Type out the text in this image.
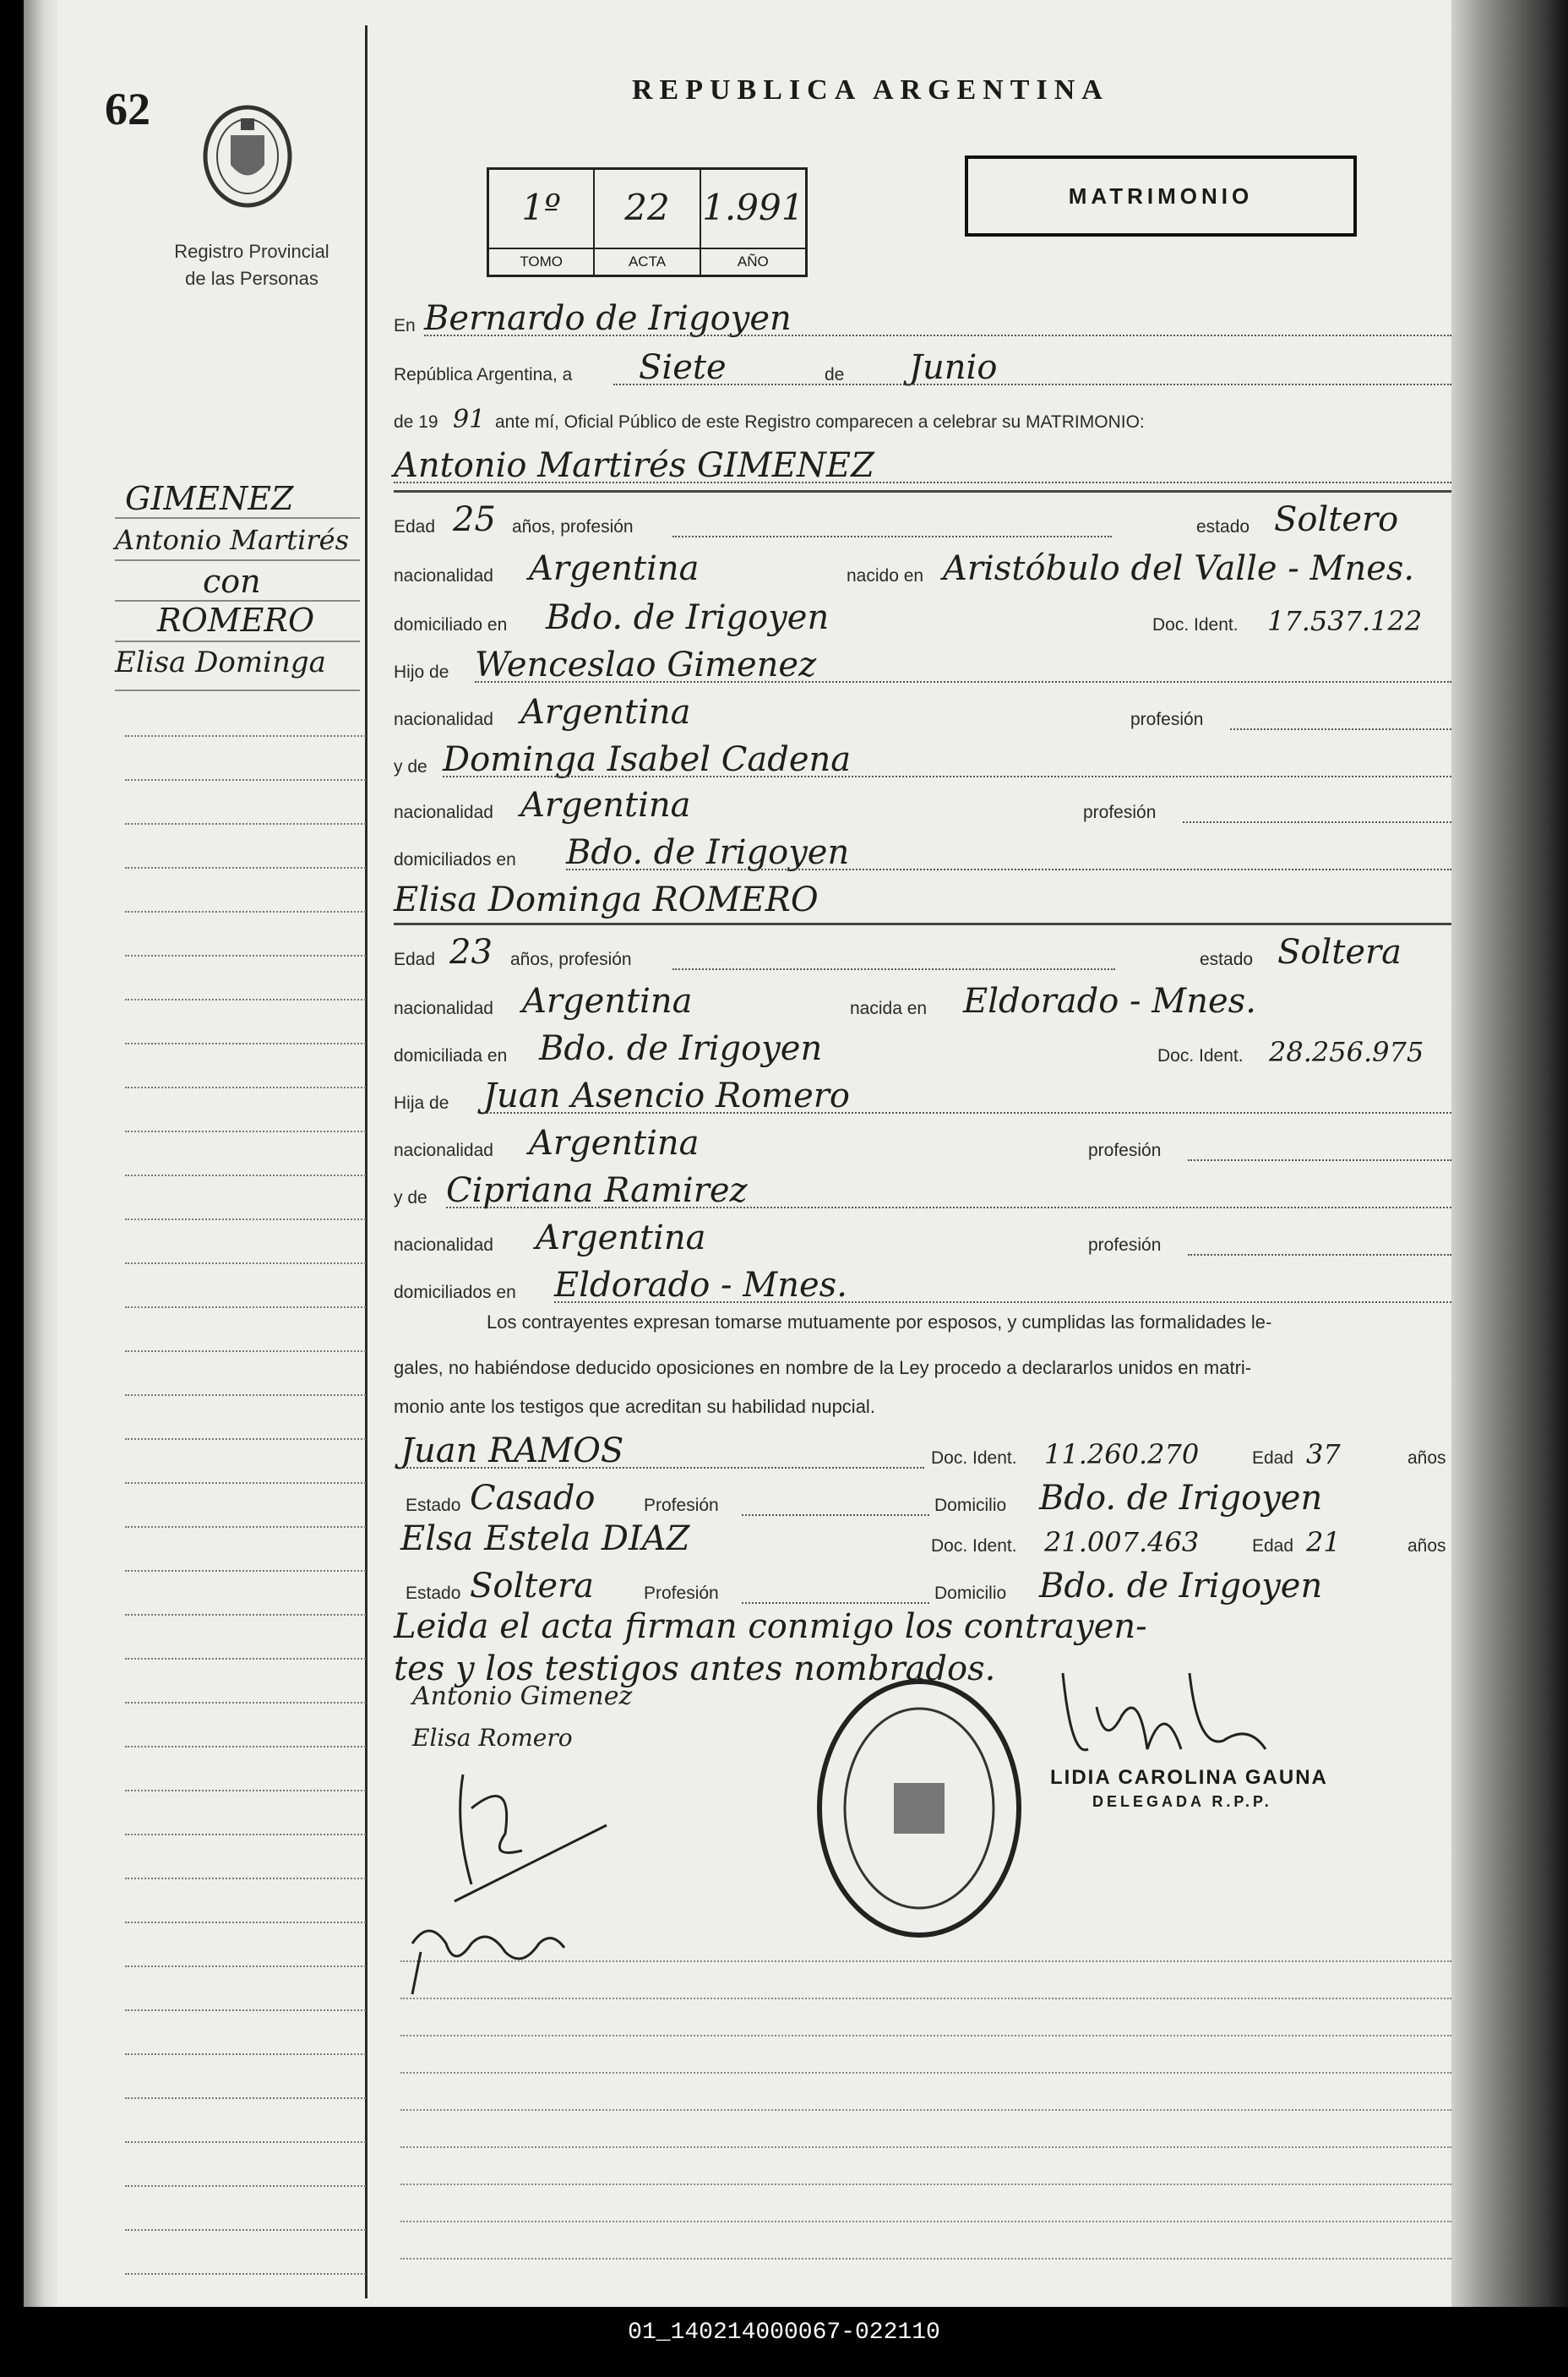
62
Registro Provincial
de las Personas
REPUBLICA ARGENTINA
1º
TOMO
22
ACTA
1.991
AÑO
MATRIMONIO
GIMENEZ
Antonio Martirés
con
ROMERO
Elisa Dominga
En Bernardo de Irigoyen
República Argentina, a Siete	de Junio
de 19 91 ante mí, Oficial Público de este Registro comparecen a celebrar su MATRIMONIO:
Antonio Martirés GIMENEZ
Edad 25 años, profesión	estado Soltero
nacionalidad Argentina	nacido en Aristóbulo del Valle - Mnes.
domiciliado en Bdo. de Irigoyen	Doc. Ident. 17.537.122
Hijo de Wenceslao Gimenez
nacionalidad Argentina	profesión
y de Dominga Isabel Cadena
nacionalidad Argentina	profesión
domiciliados en Bdo. de Irigoyen
Elisa Dominga ROMERO
Edad 23 años, profesión	estado Soltera
nacionalidad Argentina	nacida en Eldorado - Mnes.
domiciliada en Bdo. de Irigoyen	Doc. Ident. 28.256.975
Hija de Juan Asencio Romero
nacionalidad Argentina	profesión
y de Cipriana Ramirez
nacionalidad Argentina	profesión
domiciliados en Eldorado - Mnes.
Los contrayentes expresan tomarse mutuamente por esposos, y cumplidas las formalidades le-
gales, no habiéndose deducido oposiciones en nombre de la Ley procedo a declararlos unidos en matri-
monio ante los testigos que acreditan su habilidad nupcial.
Juan RAMOS	Doc. Ident. 11.260.270	Edad 37	años
Estado Casado	Profesión	Domicilio Bdo. de Irigoyen
Elsa Estela DIAZ	Doc. Ident. 21.007.463	Edad 21	años
Estado Soltera	Profesión	Domicilio Bdo. de Irigoyen
Leida el acta firman conmigo los contrayen-
tes y los testigos antes nombrados.
Antonio Gimenez
Elisa Romero
LIDIA CAROLINA GAUNA
DELEGADA R.P.P.
01_140214000067-022110
